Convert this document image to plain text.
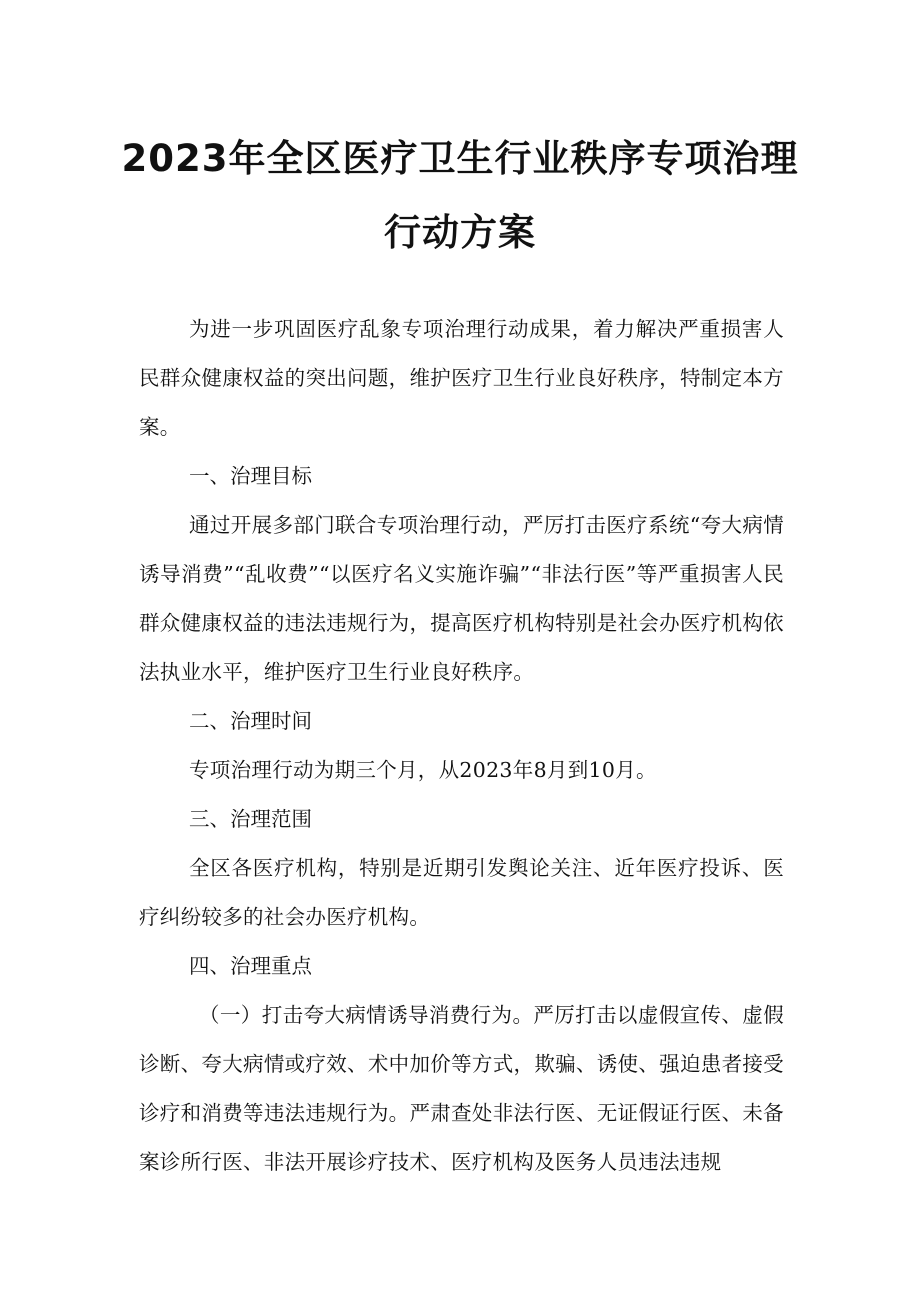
2023年全区医疗卫生行业秩序专项治理
行动方案

为进一步巩固医疗乱象专项治理行动成果，着力解决严重损害人民群众健康权益的突出问题，维护医疗卫生行业良好秩序，特制定本方案。

一、治理目标

通过开展多部门联合专项治理行动，严厉打击医疗系统“夸大病情诱导消费”“乱收费”“以医疗名义实施诈骗”“非法行医”等严重损害人民群众健康权益的违法违规行为，提高医疗机构特别是社会办医疗机构依法执业水平，维护医疗卫生行业良好秩序。

二、治理时间

专项治理行动为期三个月，从2023年8月到10月。

三、治理范围

全区各医疗机构，特别是近期引发舆论关注、近年医疗投诉、医疗纠纷较多的社会办医疗机构。

四、治理重点

（一）打击夸大病情诱导消费行为。严厉打击以虚假宣传、虚假诊断、夸大病情或疗效、术中加价等方式，欺骗、诱使、强迫患者接受诊疗和消费等违法违规行为。严肃查处非法行医、无证假证行医、未备案诊所行医、非法开展诊疗技术、医疗机构及医务人员违法违规
